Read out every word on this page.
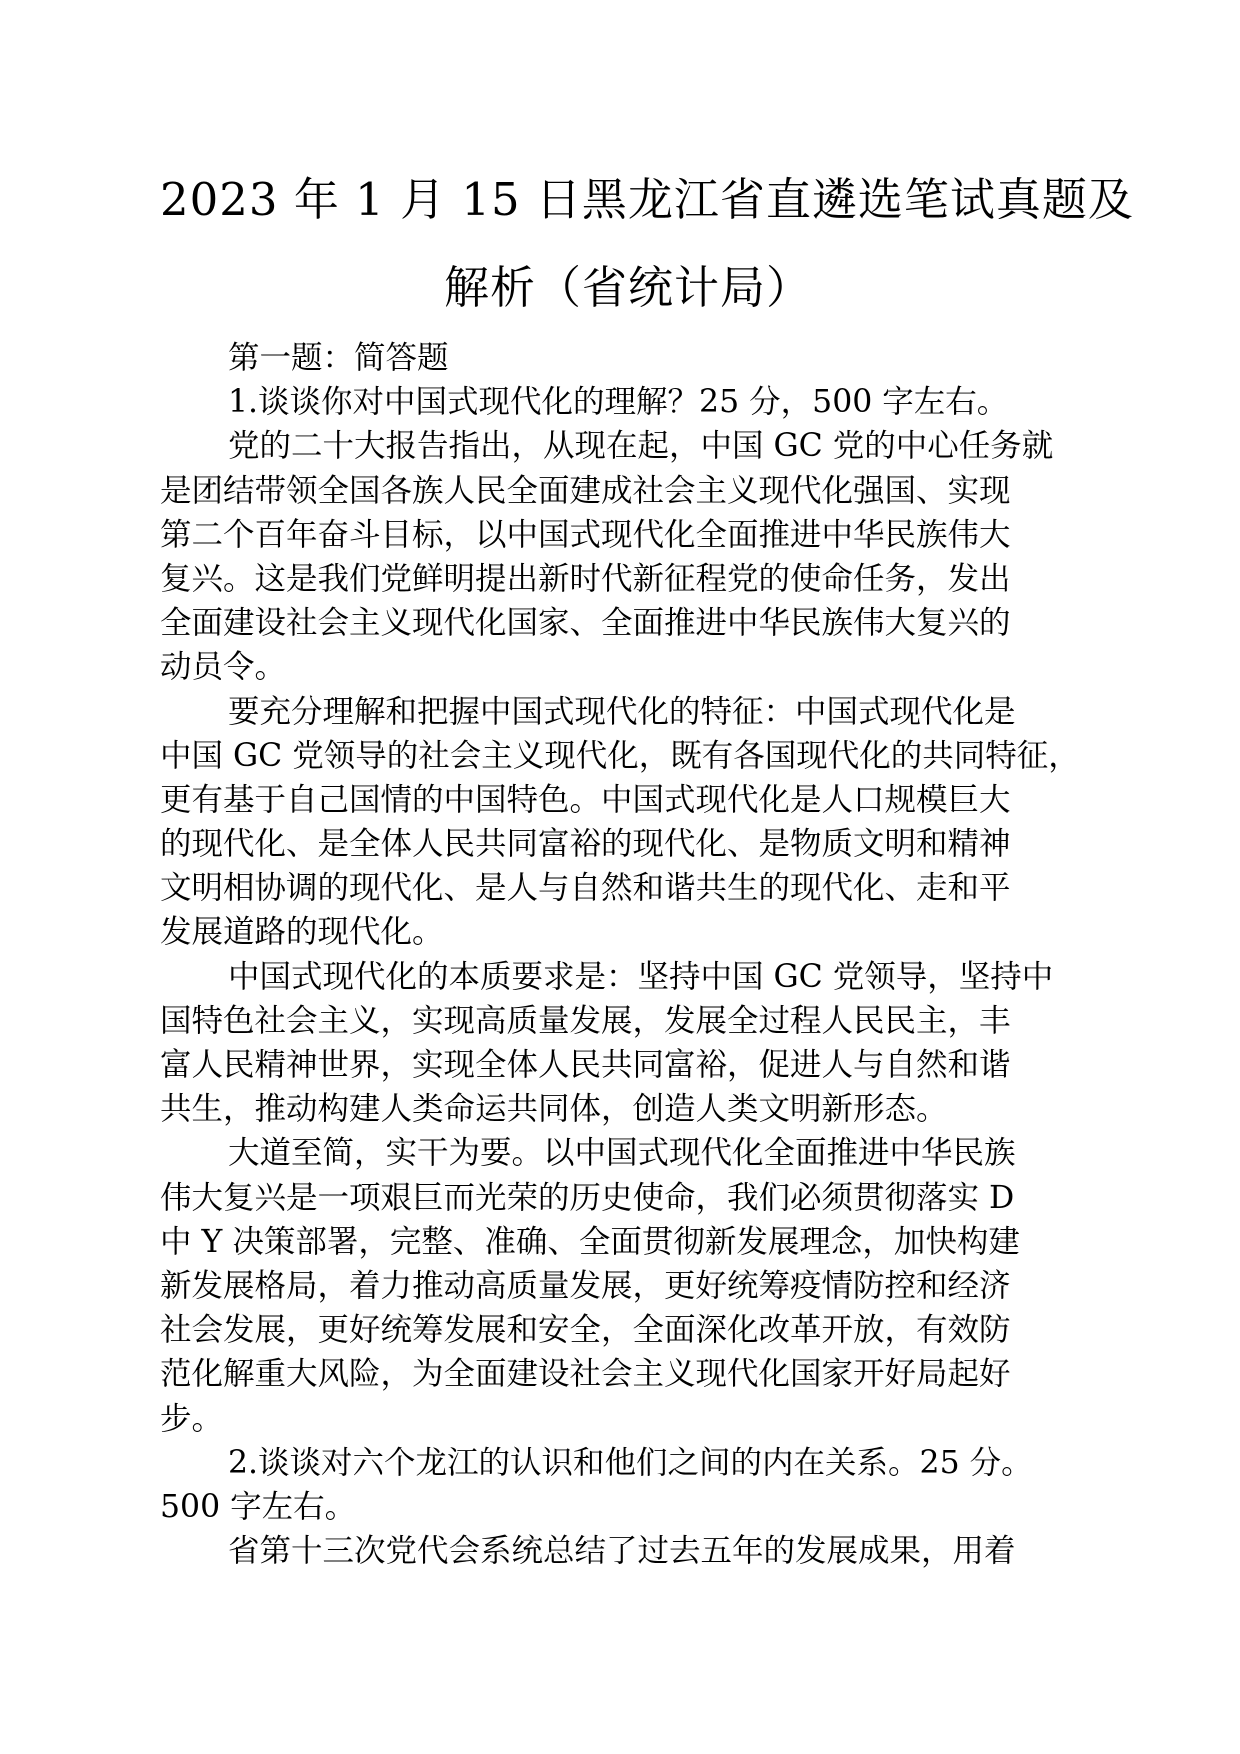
2023 年 1 月 15 日黑龙江省直遴选笔试真题及
解析（省统计局）
第一题：简答题
1.谈谈你对中国式现代化的理解？25 分，500 字左右。
党的二十大报告指出，从现在起，中国 GC 党的中心任务就
是团结带领全国各族人民全面建成社会主义现代化强国、实现
第二个百年奋斗目标，以中国式现代化全面推进中华民族伟大
复兴。这是我们党鲜明提出新时代新征程党的使命任务，发出
全面建设社会主义现代化国家、全面推进中华民族伟大复兴的
动员令。
要充分理解和把握中国式现代化的特征：中国式现代化是
中国 GC 党领导的社会主义现代化，既有各国现代化的共同特征，
更有基于自己国情的中国特色。中国式现代化是人口规模巨大
的现代化、是全体人民共同富裕的现代化、是物质文明和精神
文明相协调的现代化、是人与自然和谐共生的现代化、走和平
发展道路的现代化。
中国式现代化的本质要求是：坚持中国 GC 党领导，坚持中
国特色社会主义，实现高质量发展，发展全过程人民民主，丰
富人民精神世界，实现全体人民共同富裕，促进人与自然和谐
共生，推动构建人类命运共同体，创造人类文明新形态。
大道至简，实干为要。以中国式现代化全面推进中华民族
伟大复兴是一项艰巨而光荣的历史使命，我们必须贯彻落实 D
中 Y 决策部署，完整、准确、全面贯彻新发展理念，加快构建
新发展格局，着力推动高质量发展，更好统筹疫情防控和经济
社会发展，更好统筹发展和安全，全面深化改革开放，有效防
范化解重大风险，为全面建设社会主义现代化国家开好局起好
步。
2.谈谈对六个龙江的认识和他们之间的内在关系。25 分。
500 字左右。
省第十三次党代会系统总结了过去五年的发展成果，用着
